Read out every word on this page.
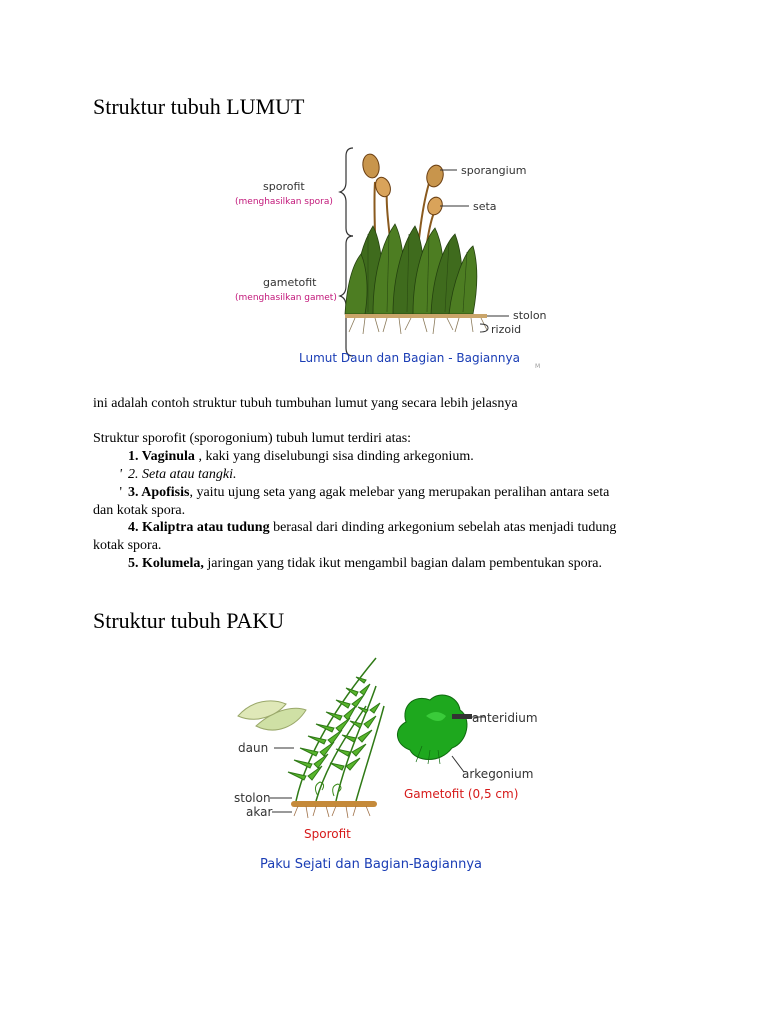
Struktur tubuh LUMUT
sporofit
(menghasilkan spora)
gametofit
(menghasilkan gamet)
sporangium
seta
stolon
rizoid
Lumut Daun dan Bagian - Bagiannya
M
ini adalah contoh struktur tubuh tumbuhan lumut yang secara lebih jelasnya
Struktur sporofit (sporogonium) tubuh lumut terdiri atas:
1. Vaginula , kaki yang diselubungi sisa dinding arkegonium.
' 2. Seta atau tangki.
' 3. Apofisis, yaitu ujung seta yang agak melebar yang merupakan peralihan antara seta
dan kotak spora.
4. Kaliptra atau tudung berasal dari dinding arkegonium sebelah atas menjadi tudung
kotak spora.
5. Kolumela, jaringan yang tidak ikut mengambil bagian dalam pembentukan spora.
Struktur tubuh PAKU
daun
stolon
akar
Sporofit
anteridium
arkegonium
Gametofit (0,5 cm)
Paku Sejati dan Bagian-Bagiannya
